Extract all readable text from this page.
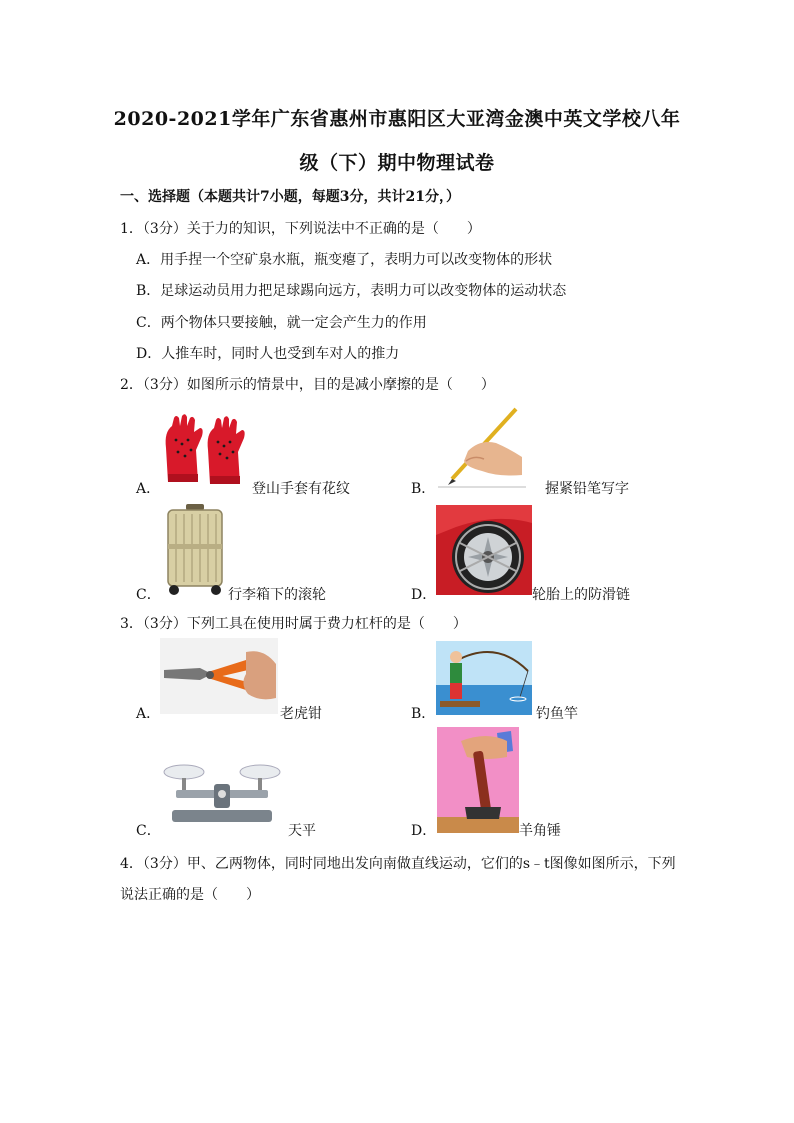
2020-2021学年广东省惠州市惠阳区大亚湾金澳中英文学校八年
级（下）期中物理试卷
一、选择题（本题共计7小题，每题3分，共计21分，）
1．（3分）关于力的知识，下列说法中不正确的是（　　）
A．用手捏一个空矿泉水瓶，瓶变瘪了，表明力可以改变物体的形状
B．足球运动员用力把足球踢向远方，表明力可以改变物体的运动状态
C．两个物体只要接触，就一定会产生力的作用
D．人推车时，同时人也受到车对人的推力
2．（3分）如图所示的情景中，目的是减小摩擦的是（　　）
A．	登山手套有花纹	B．	握紧铅笔写字
C．	行李箱下的滚轮	D．	轮胎上的防滑链
3．（3分）下列工具在使用时属于费力杠杆的是（　　）
A．	老虎钳	B．	钓鱼竿
C．	天平	D．	羊角锤
4．（3分）甲、乙两物体，同时同地出发向南做直线运动，它们的s﹣t图像如图所示，下列
说法正确的是（　　）
